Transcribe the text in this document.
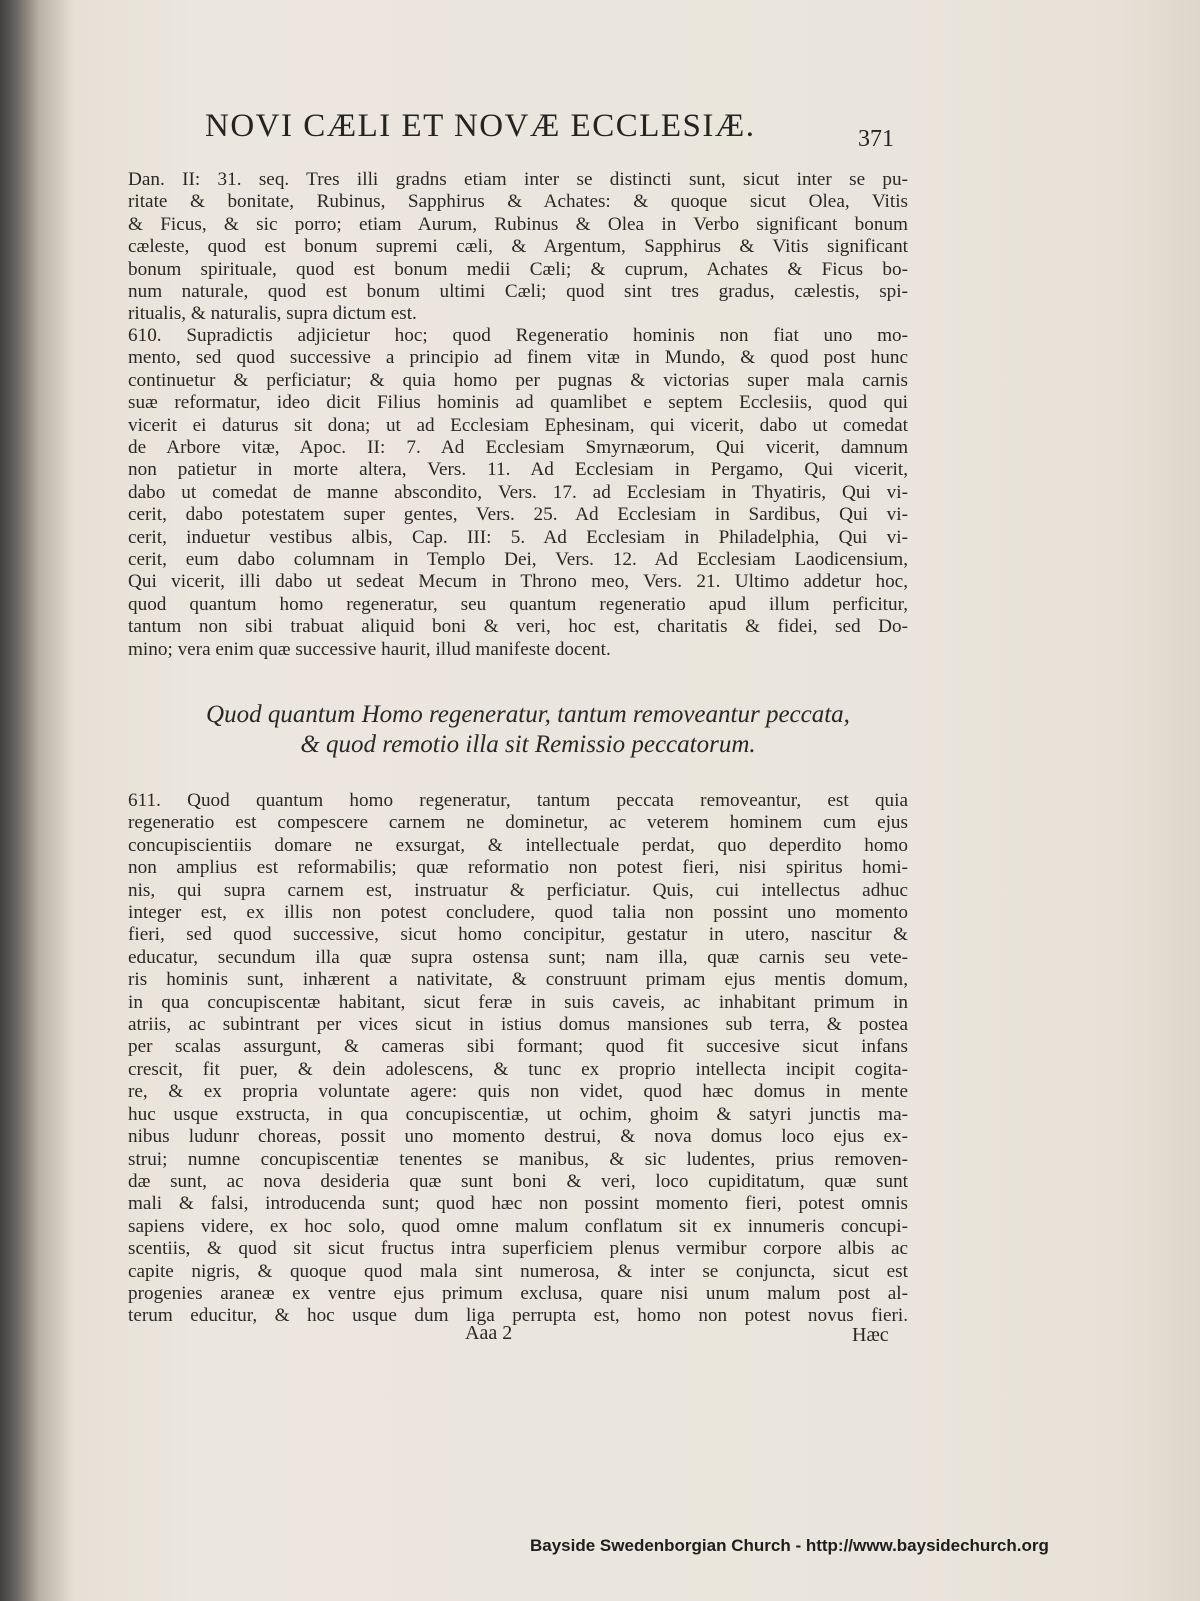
NOVI CÆLI ET NOVÆ ECCLESIÆ.	371
Dan. II: 31. seq. Tres illi gradns etiam inter se distincti sunt, sicut inter se pu-
ritate & bonitate, Rubinus, Sapphirus & Achates: & quoque sicut Olea, Vitis
& Ficus, & sic porro; etiam Aurum, Rubinus & Olea in Verbo significant bonum
cæleste, quod est bonum supremi cæli, & Argentum, Sapphirus & Vitis significant
bonum spirituale, quod est bonum medii Cæli; & cuprum, Achates & Ficus bo-
num naturale, quod est bonum ultimi Cæli; quod sint tres gradus, cælestis, spi-
ritualis, & naturalis, supra dictum est.
610. Supradictis adjicietur hoc; quod Regeneratio hominis non fiat uno mo-
mento, sed quod successive a principio ad finem vitæ in Mundo, & quod post hunc
continuetur & perficiatur; & quia homo per pugnas & victorias super mala carnis
suæ reformatur, ideo dicit Filius hominis ad quamlibet e septem Ecclesiis, quod qui
vicerit ei daturus sit dona; ut ad Ecclesiam Ephesinam, qui vicerit, dabo ut comedat
de Arbore vitæ, Apoc. II: 7. Ad Ecclesiam Smyrnæorum, Qui vicerit, damnum
non patietur in morte altera, Vers. 11. Ad Ecclesiam in Pergamo, Qui vicerit,
dabo ut comedat de manne absconditо, Vers. 17. ad Ecclesiam in Thyatiris, Qui vi-
cerit, dabo potestatem super gentes, Vers. 25. Ad Ecclesiam in Sardibus, Qui vi-
cerit, induetur vestibus albis, Cap. III: 5. Ad Ecclesiam in Philadelphia, Qui vi-
cerit, eum dabo columnam in Templo Dei, Vers. 12. Ad Ecclesiam Laodicensium,
Qui vicerit, illi dabo ut sedeat Mecum in Throno meo, Vers. 21. Ultimo addetur hoc,
quod quantum homo regeneratur, seu quantum regeneratio apud illum perficitur,
tantum non sibi trabuat aliquid boni & veri, hoc est, charitatis & fidei, sed Do-
mino; vera enim quæ successive haurit, illud manifeste docent.
Quod quantum Homo regeneratur, tantum removeantur peccata,
& quod remotio illa sit Remissio peccatorum.
611. Quod quantum homo regeneratur, tantum peccata removeantur, est quia
regeneratio est compescere carnem ne dominetur, ac veterem hominem cum ejus
concupiscientiis domare ne exsurgat, & intellectuale perdat, quo deperdito homo
non amplius est reformabilis; quæ reformatio non potest fieri, nisi spiritus homi-
nis, qui supra carnem est, instruatur & perficiatur. Quis, cui intellectus adhuc
integer est, ex illis non potest concludere, quod talia non possint uno momento
fieri, sed quod successive, sicut homo concipitur, gestatur in utero, nascitur &
educatur, secundum illa quæ supra ostensa sunt; nam illa, quæ carnis seu vete-
ris hominis sunt, inhærent a nativitate, & construunt primam ejus mentis domum,
in qua concupiscentæ habitant, sicut feræ in suis caveis, ac inhabitant primum in
atriis, ac subintrant per vices sicut in istius domus mansiones sub terra, & postea
per scalas assurgunt, & cameras sibi formant; quod fit succesive sicut infans
crescit, fit puer, & dein adolescens, & tunc ex proprio intellecta incipit cogita-
re, & ex propria voluntate agere: quis non videt, quod hæc domus in mente
huc usque exstructa, in qua concupiscentiæ, ut ochim, ghoim & satyri junctis ma-
nibus ludunr choreas, possit uno momento destrui, & nova domus loco ejus ex-
strui; numne concupiscentiæ tenentes se manibus, & sic ludentes, prius removen-
dæ sunt, ac nova desideria quæ sunt boni & veri, loco cupiditatum, quæ sunt
mali & falsi, introducenda sunt; quod hæc non possint momento fieri, potest omnis
sapiens videre, ex hoc solo, quod omne malum conflatum sit ex innumeris concupi-
scentiis, & quod sit sicut fructus intra superficiem plenus vermibur corpore albis ac
capite nigris, & quoque quod mala sint numerosa, & inter se conjuncta, sicut est
progenies araneæ ex ventre ejus primum exclusa, quare nisi unum malum post al-
terum educitur, & hoc usque dum liga perrupta est, homo non potest novus fieri.
Aaa 2	Hæc
Bayside Swedenborgian Church - http://www.baysidechurch.org
